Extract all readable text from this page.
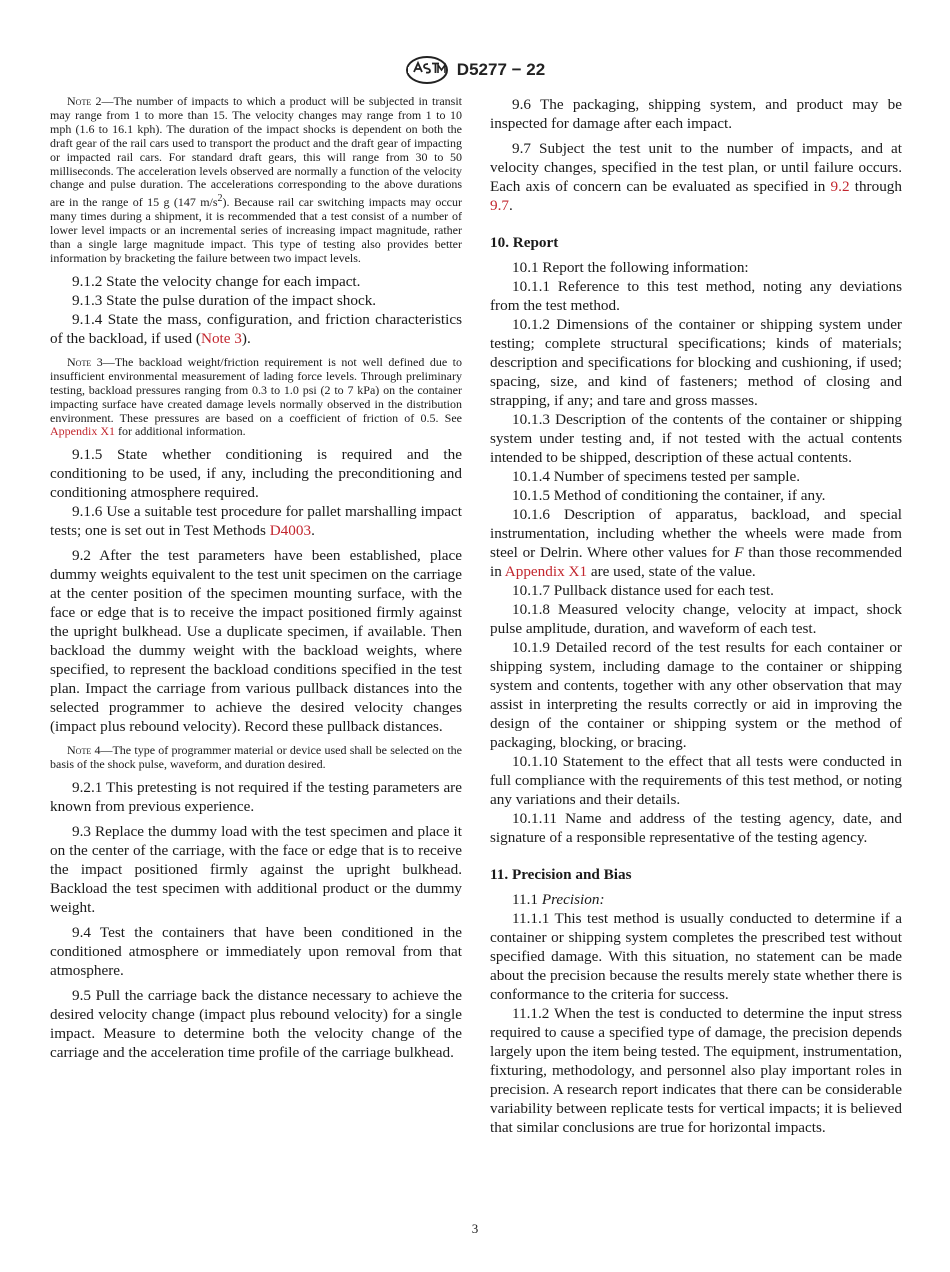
D5277 − 22

Note 2—The number of impacts to which a product will be subjected in transit may range from 1 to more than 15. The velocity changes may range from 1 to 10 mph (1.6 to 16.1 kph). The duration of the impact shocks is dependent on both the draft gear of the rail cars used to transport the product and the draft gear of impacting or impacted rail cars. For standard draft gears, this will range from 30 to 50 milliseconds. The acceleration levels observed are normally a function of the velocity change and pulse duration. The accelerations corresponding to the above durations are in the range of 15 g (147 $m/s^2$). Because rail car switching impacts may occur many times during a shipment, it is recommended that a test consist of a number of lower level impacts or an incremental series of increasing impact magnitude, rather than a single large magnitude impact. This type of testing also provides better information by bracketing the failure between two impact levels.

9.1.2 State the velocity change for each impact.

9.1.3 State the pulse duration of the impact shock.

9.1.4 State the mass, configuration, and friction characteristics of the backload, if used (Note 3).

Note 3—The backload weight/friction requirement is not well defined due to insufficient environmental measurement of lading force levels. Through preliminary testing, backload pressures ranging from 0.3 to 1.0 psi (2 to 7 kPa) on the container impacting surface have created damage levels normally observed in the distribution environment. These pressures are based on a coefficient of friction of 0.5. See Appendix X1 for additional information.

9.1.5 State whether conditioning is required and the conditioning to be used, if any, including the preconditioning and conditioning atmosphere required.

9.1.6 Use a suitable test procedure for pallet marshalling impact tests; one is set out in Test Methods D4003.

9.2 After the test parameters have been established, place dummy weights equivalent to the test unit specimen on the carriage at the center position of the specimen mounting surface, with the face or edge that is to receive the impact positioned firmly against the upright bulkhead. Use a duplicate specimen, if available. Then backload the dummy weight with the backload weights, where specified, to represent the backload conditions specified in the test plan. Impact the carriage from various pullback distances into the selected programmer to achieve the desired velocity changes (impact plus rebound velocity). Record these pullback distances.

Note 4—The type of programmer material or device used shall be selected on the basis of the shock pulse, waveform, and duration desired.

9.2.1 This pretesting is not required if the testing parameters are known from previous experience.

9.3 Replace the dummy load with the test specimen and place it on the center of the carriage, with the face or edge that is to receive the impact positioned firmly against the upright bulkhead. Backload the test specimen with additional product or the dummy weight.

9.4 Test the containers that have been conditioned in the conditioned atmosphere or immediately upon removal from that atmosphere.

9.5 Pull the carriage back the distance necessary to achieve the desired velocity change (impact plus rebound velocity) for a single impact. Measure to determine both the velocity change of the carriage and the acceleration time profile of the carriage bulkhead.

9.6 The packaging, shipping system, and product may be inspected for damage after each impact.

9.7 Subject the test unit to the number of impacts, and at velocity changes, specified in the test plan, or until failure occurs. Each axis of concern can be evaluated as specified in 9.2 through 9.7.

10. Report

10.1 Report the following information:

10.1.1 Reference to this test method, noting any deviations from the test method.

10.1.2 Dimensions of the container or shipping system under testing; complete structural specifications; kinds of materials; description and specifications for blocking and cushioning, if used; spacing, size, and kind of fasteners; method of closing and strapping, if any; and tare and gross masses.

10.1.3 Description of the contents of the container or shipping system under testing and, if not tested with the actual contents intended to be shipped, description of these actual contents.

10.1.4 Number of specimens tested per sample.

10.1.5 Method of conditioning the container, if any.

10.1.6 Description of apparatus, backload, and special instrumentation, including whether the wheels were made from steel or Delrin. Where other values for F than those recommended in Appendix X1 are used, state of the value.

10.1.7 Pullback distance used for each test.

10.1.8 Measured velocity change, velocity at impact, shock pulse amplitude, duration, and waveform of each test.

10.1.9 Detailed record of the test results for each container or shipping system, including damage to the container or shipping system and contents, together with any other observation that may assist in interpreting the results correctly or aid in improving the design of the container or shipping system or the method of packaging, blocking, or bracing.

10.1.10 Statement to the effect that all tests were conducted in full compliance with the requirements of this test method, or noting any variations and their details.

10.1.11 Name and address of the testing agency, date, and signature of a responsible representative of the testing agency.

11. Precision and Bias

11.1 Precision:

11.1.1 This test method is usually conducted to determine if a container or shipping system completes the prescribed test without specified damage. With this situation, no statement can be made about the precision because the results merely state whether there is conformance to the criteria for success.

11.1.2 When the test is conducted to determine the input stress required to cause a specified type of damage, the precision depends largely upon the item being tested. The equipment, instrumentation, fixturing, methodology, and personnel also play important roles in precision. A research report indicates that there can be considerable variability between replicate tests for vertical impacts; it is believed that similar conclusions are true for horizontal impacts.

3
